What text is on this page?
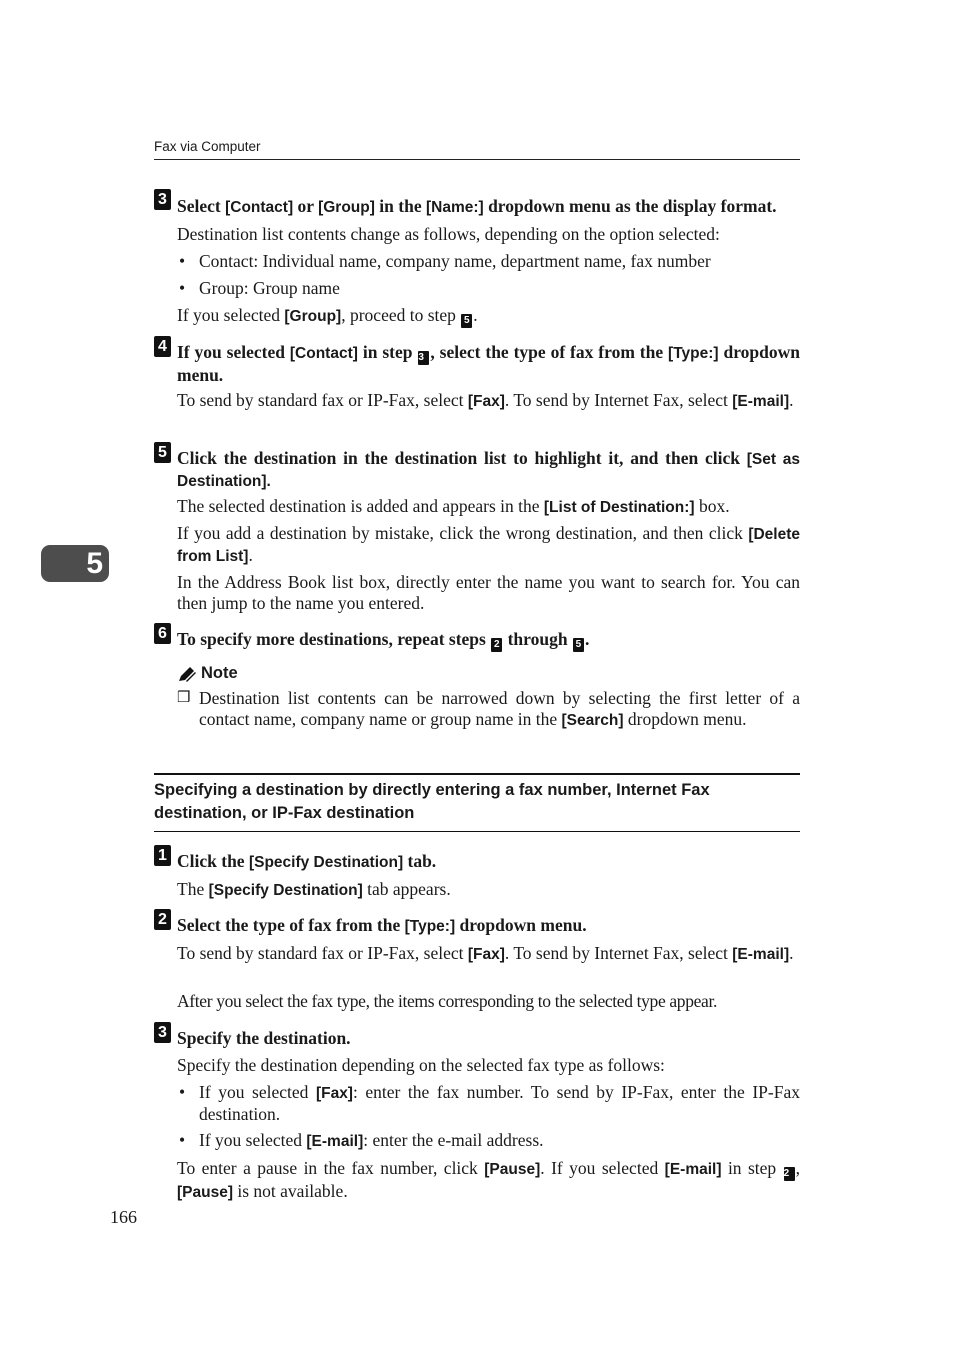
Fax via Computer
5
3 Select [Contact] or [Group] in the [Name:] dropdown menu as the display format.
Destination list contents change as follows, depending on the option selected:
• Contact: Individual name, company name, department name, fax number
• Group: Group name
If you selected [Group], proceed to step 5 .
4 If you selected [Contact] in step 3 , select the type of fax from the [Type:] dropdown menu.
To send by standard fax or IP-Fax, select [Fax]. To send by Internet Fax, select [E-mail].
5 Click the destination in the destination list to highlight it, and then click [Set as Destination].
The selected destination is added and appears in the [List of Destination:] box.
If you add a destination by mistake, click the wrong destination, and then click [Delete from List].
In the Address Book list box, directly enter the name you want to search for. You can then jump to the name you entered.
6 To specify more destinations, repeat steps 2 through 5 .
Note
❒ Destination list contents can be narrowed down by selecting the first letter of a contact name, company name or group name in the [Search] dropdown menu.
Specifying a destination by directly entering a fax number, Internet Fax destination, or IP-Fax destination
1 Click the [Specify Destination] tab.
The [Specify Destination] tab appears.
2 Select the type of fax from the [Type:] dropdown menu.
To send by standard fax or IP-Fax, select [Fax]. To send by Internet Fax, select [E-mail].
After you select the fax type, the items corresponding to the selected type appear.
3 Specify the destination.
Specify the destination depending on the selected fax type as follows:
• If you selected [Fax]: enter the fax number. To send by IP-Fax, enter the IP-Fax destination.
• If you selected [E-mail]: enter the e-mail address.
To enter a pause in the fax number, click [Pause]. If you selected [E-mail] in step 2 , [Pause] is not available.
166
